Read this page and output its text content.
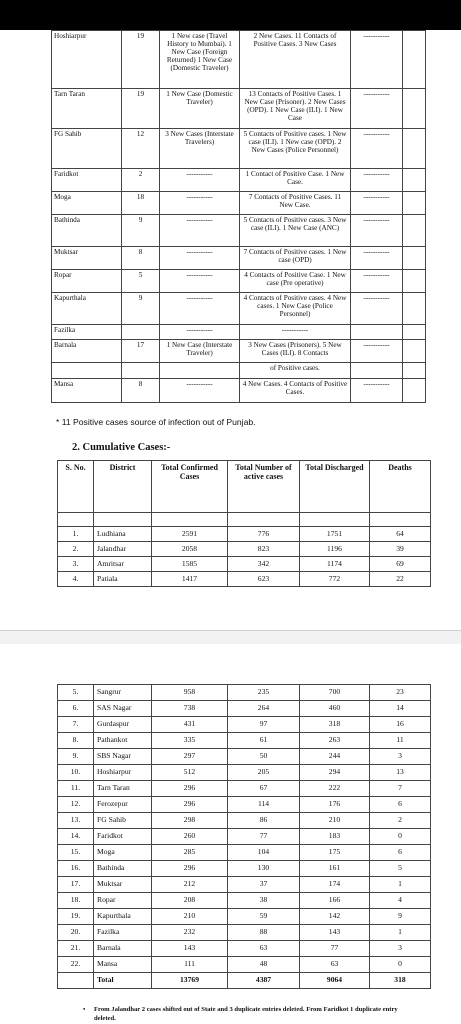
Hoshiarpur	19	1 New case (Travel History to Mumbai). 1 New Case (Foreign Returned) 1 New Case (Domestic Traveler)	2 New Cases. 11 Contacts of Positive Cases. 3 New Cases	-----------	
Tarn Taran	19	1 New Case (Domestic Traveler)	13 Contacts of Positive Cases. 1 New Case (Prisoner). 2 New Cases (OPD). 1 New Case (ILI). 1 New Case	-----------	
FG Sahib	12	3 New Cases (Interstate Travelers)	5 Contacts of Positive cases. 1 New case (ILI). 1 New case (OPD). 2 New Cases (Police Personnel)	-----------	
Faridkot	2	-----------	1 Contact of Positive Case. 1 New Case.	-----------	
Moga	18	-----------	7 Contacts of Positive Cases. 11 New Case.	-----------	
Bathinda	9	-----------	5 Contacts of Positive cases. 3 New case (ILI). 1 New Case (ANC)	-----------	
Muktsar	8	-----------	7 Contacts of Positive cases. 1 New case (OPD)	-----------	
Ropar	5	-----------	4 Contacts of Positive Case. 1 New case (Pre operative)	-----------	
Kapurthala	9	-----------	4 Contacts of Positive cases. 4 New cases. 1 New Case (Police Personnel)	-----------	
Fazilka		-----------	-----------		
Barnala	17	1 New Case (Interstate Traveler)	3 New Cases (Prisoners). 5 New Cases (ILI). 8 Contacts	-----------	
			of Positive cases.		
Mansa	8	-----------	4 New Cases. 4 Contacts of Positive Cases.	-----------	
* 11 Positive cases source of infection out of Punjab.
2. Cumulative Cases:-
S. No.	District	Total Confirmed Cases	Total Number of active cases	Total Discharged	Deaths

1.	Ludhiana	2591	776	1751	64
2.	Jalandhar	2058	823	1196	39
3.	Amritsar	1585	342	1174	69
4.	Patiala	1417	623	772	22
5.	Sangrur	958	235	700	23
6.	SAS Nagar	738	264	460	14
7.	Gurdaspur	431	97	318	16
8.	Pathankot	335	61	263	11
9.	SBS Nagar	297	50	244	3
10.	Hoshiarpur	512	205	294	13
11.	Tarn Taran	296	67	222	7
12.	Ferozepur	296	114	176	6
13.	FG Sahib	298	86	210	2
14.	Faridkot	260	77	183	0
15.	Moga	285	104	175	6
16.	Bathinda	296	130	161	5
17.	Muktsar	212	37	174	1
18.	Ropar	208	38	166	4
19.	Kapurthala	210	59	142	9
20.	Fazilka	232	88	143	1
21.	Barnala	143	63	77	3
22.	Mansa	111	48	63	0
	Total	13769	4387	9064	318
• From Jalandhar 2 cases shifted out of State and 3 duplicate entries deleted. From Faridkot 1 duplicate entry deleted.
